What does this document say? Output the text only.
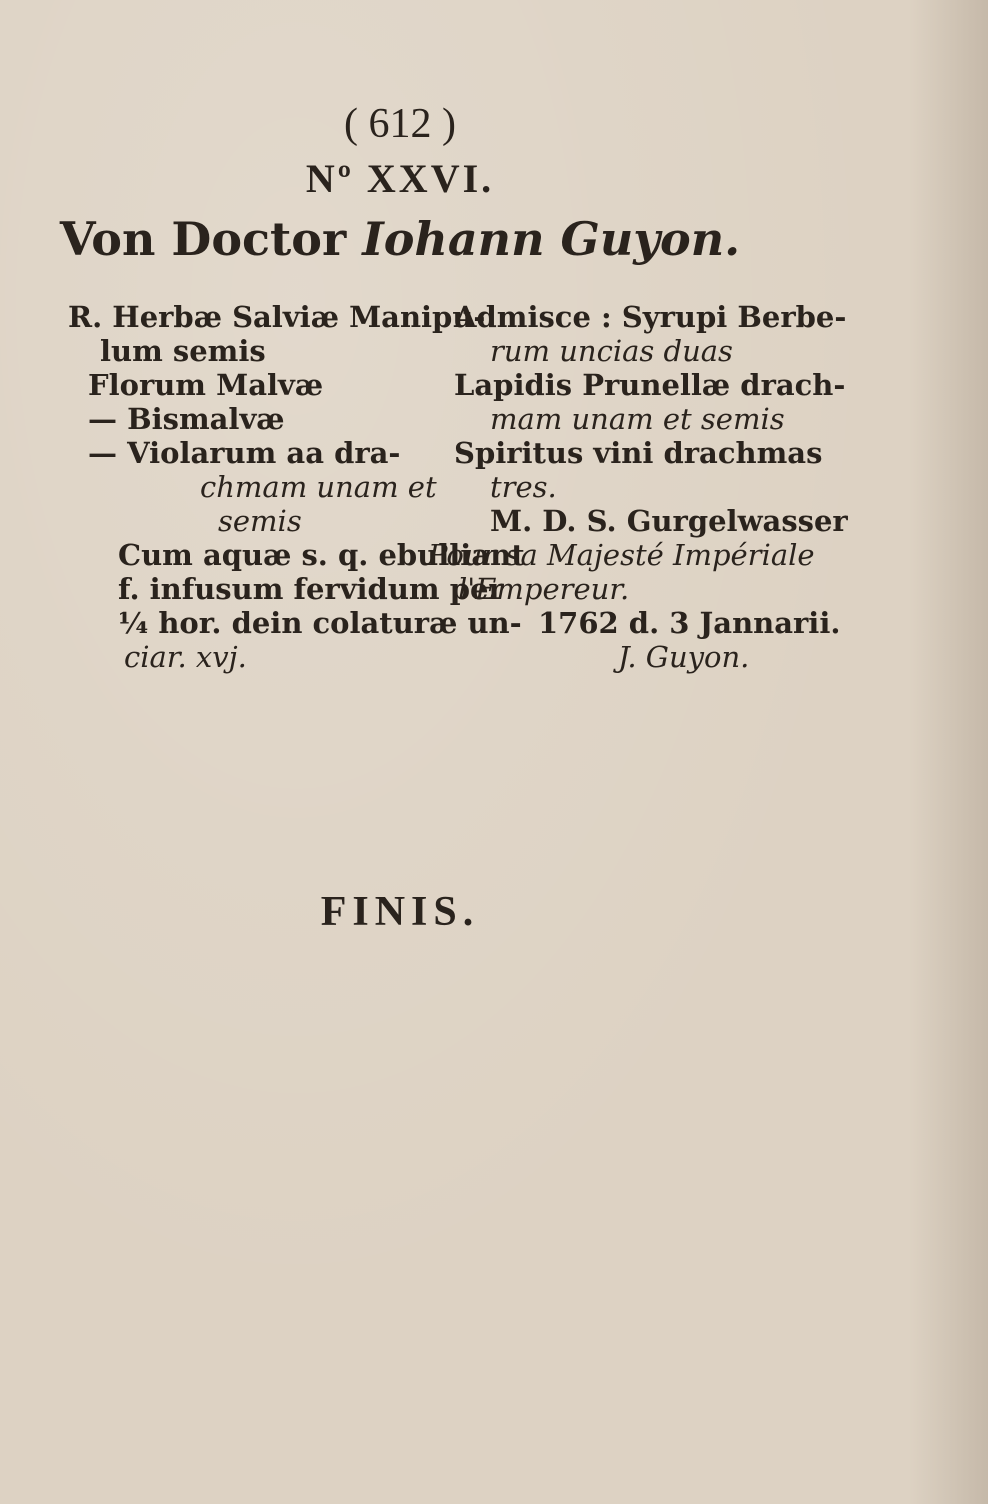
( 612 )
Nº XXVI.
Von Doctor Iohann Guyon.
R. Herbæ Salviæ Manipu-
lum semis
Florum Malvæ
— Bismalvæ
— Violarum aa dra-
chmam unam et
semis
Cum aquæ s. q. ebulliant
f. infusum fervidum per
¼ hor. dein colaturæ un-
ciar. xvj.
Admisce : Syrupi Berbe-
rum uncias duas
Lapidis Prunellæ drach-
mam unam et semis
Spiritus vini drachmas
tres.
M. D. S. Gurgelwasser
Pour sa Majesté Impériale
l'Empereur.
1762 d. 3 Jannarii.
J. Guyon.
FINIS.
